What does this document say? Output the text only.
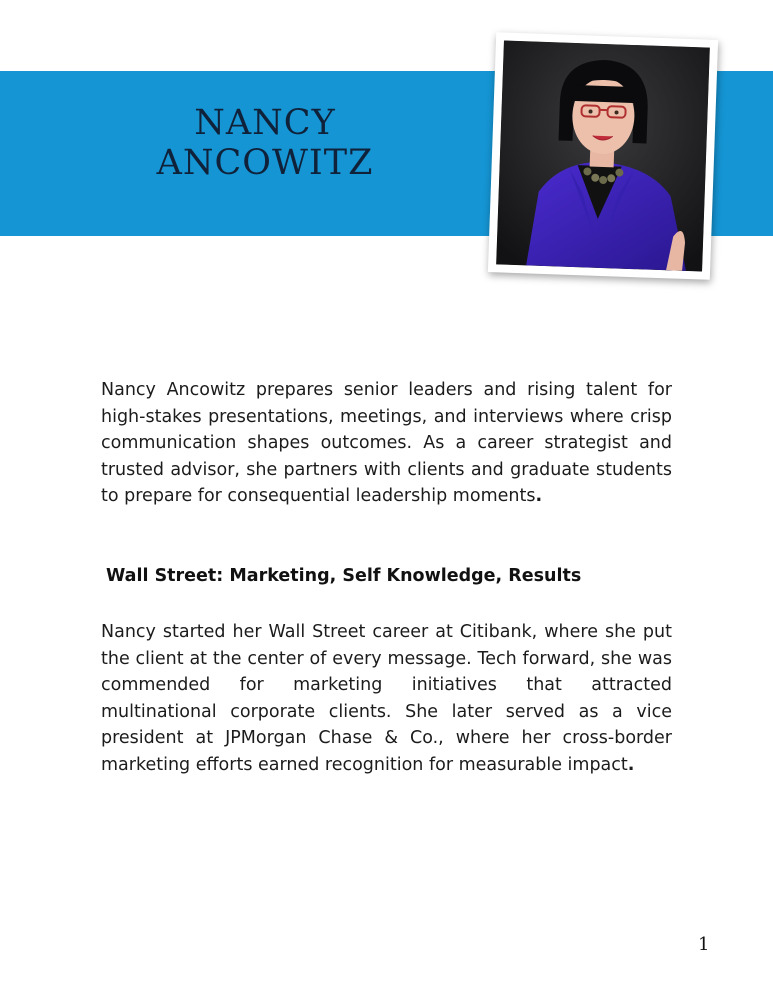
NANCY
ANCOWITZ
Nancy Ancowitz prepares senior leaders and rising talent for high-stakes presentations, meetings, and interviews where crisp communication shapes outcomes. As a career strategist and trusted advisor, she partners with clients and graduate students to prepare for consequential leadership moments.
Wall Street: Marketing, Self Knowledge, Results
Nancy started her Wall Street career at Citibank, where she put the client at the center of every message. Tech forward, she was commended for marketing initiatives that attracted multinational corporate clients. She later served as a vice president at JPMorgan Chase & Co., where her cross-border marketing efforts earned recognition for measurable impact.
1
